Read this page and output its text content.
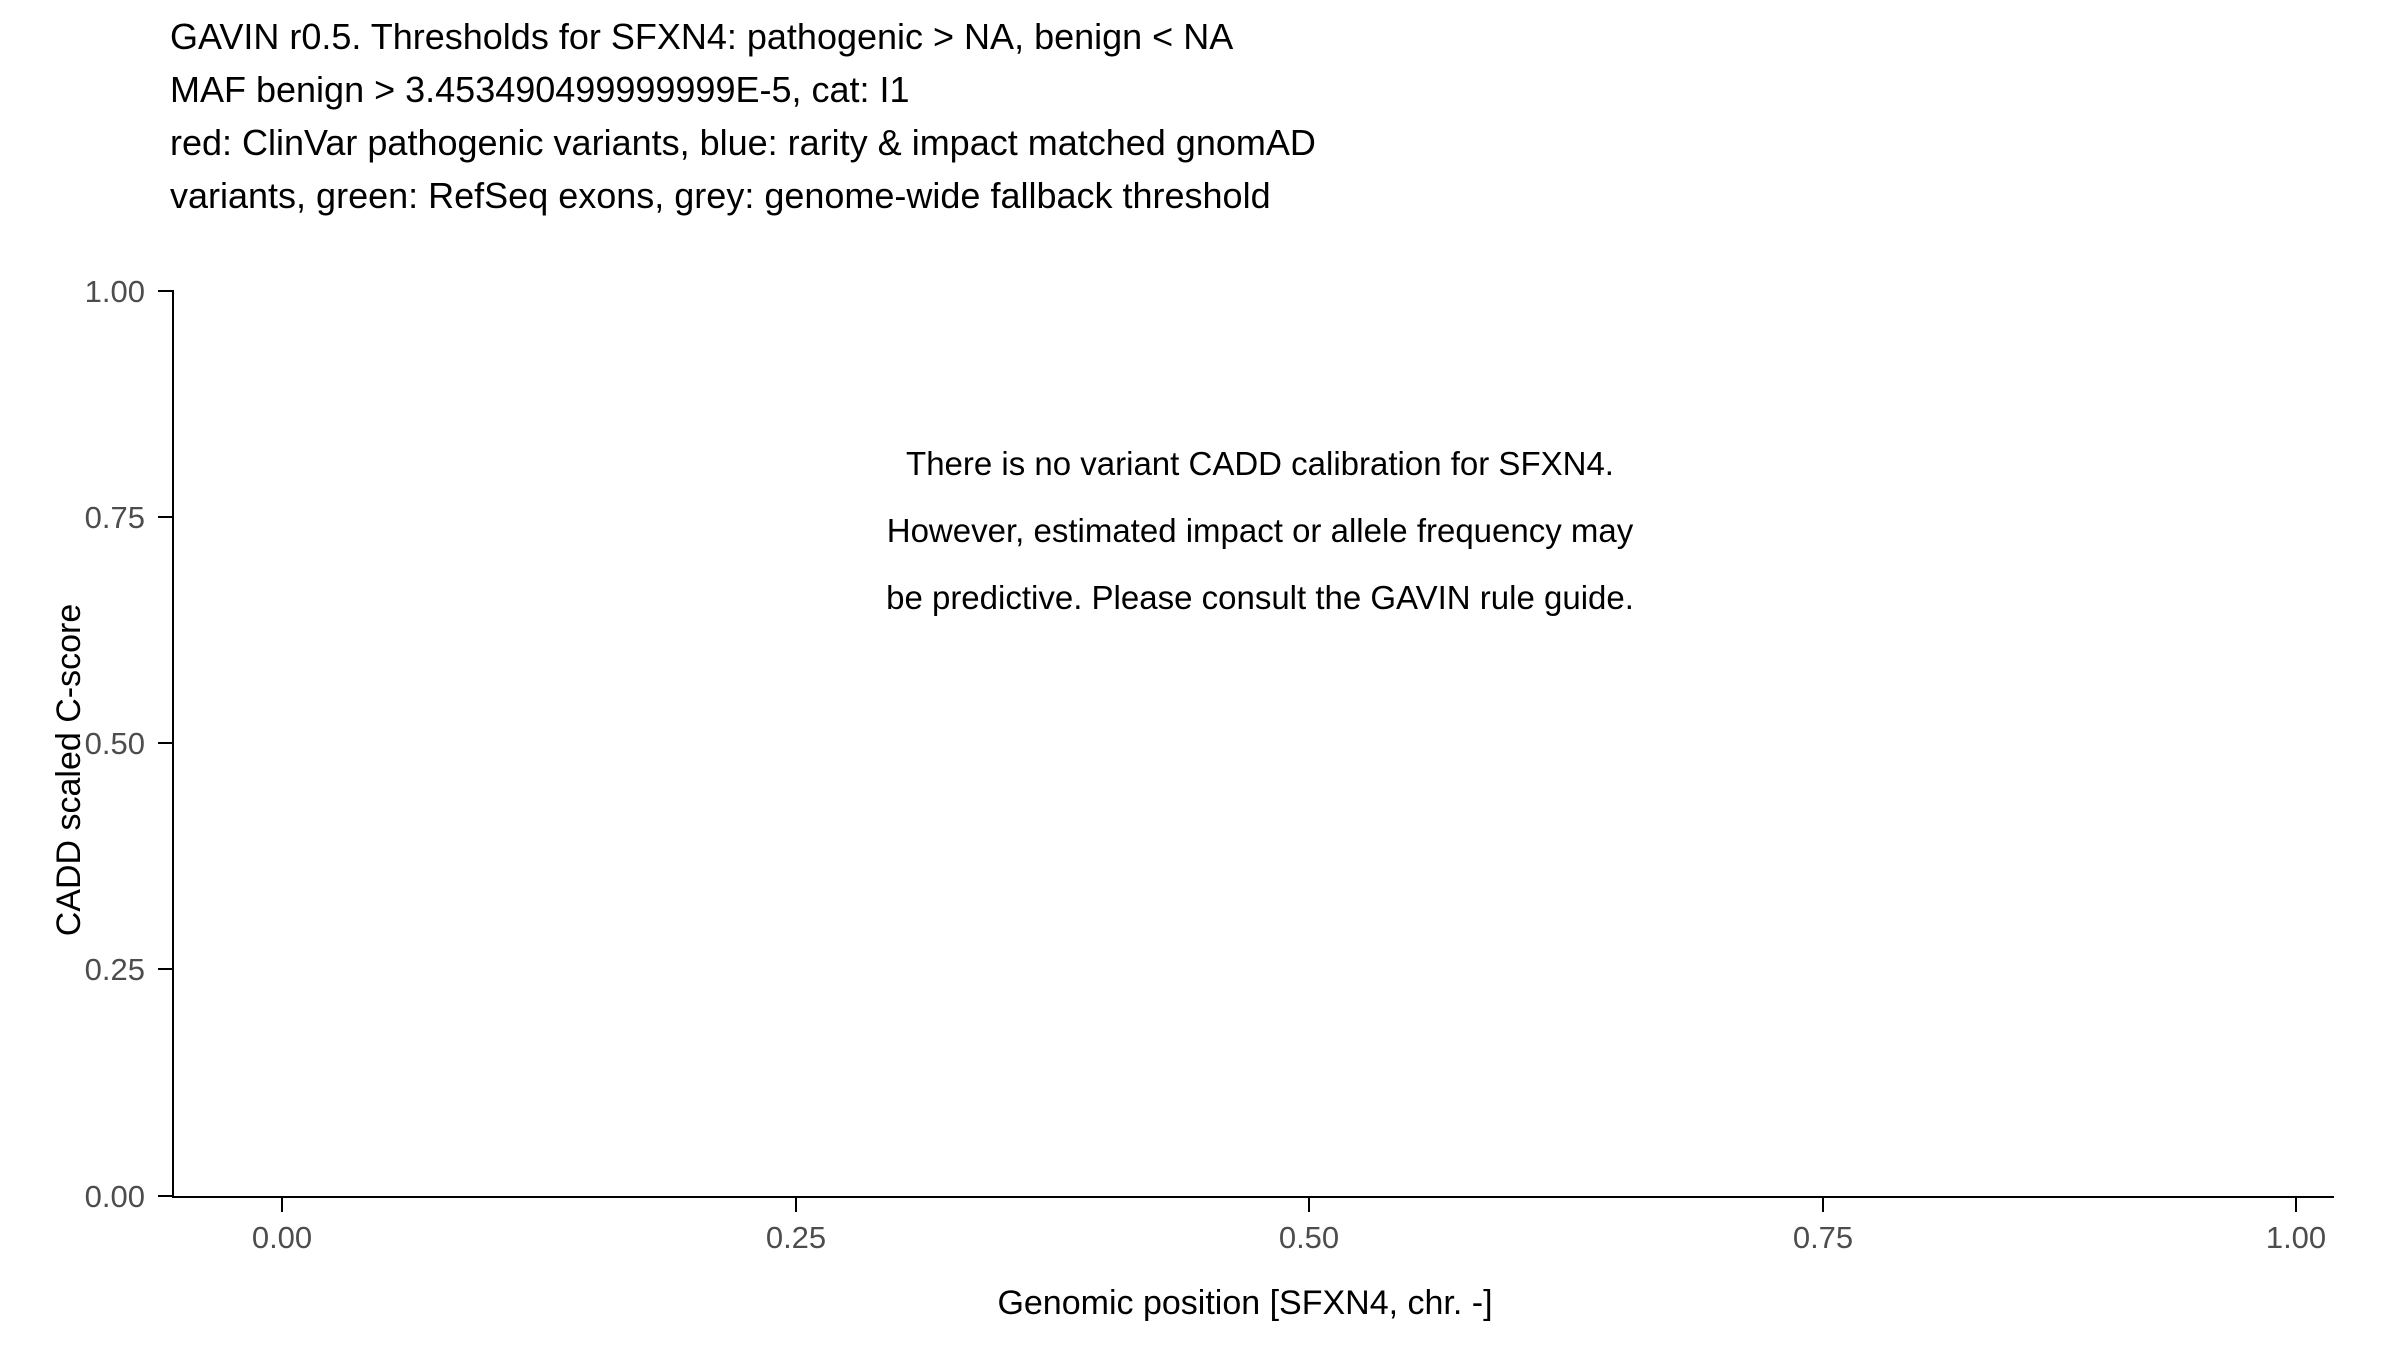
GAVIN r0.5. Thresholds for SFXN4: pathogenic > NA, benign < NA
MAF benign > 3.453490499999999E-5, cat: I1
red: ClinVar pathogenic variants, blue: rarity & impact matched gnomAD
variants, green: RefSeq exons, grey: genome-wide fallback threshold
0.00
0.25
0.50
0.75
1.00
0.00	0.25	0.50	0.75	1.00
CADD scaled C-score
Genomic position [SFXN4, chr. -]
There is no variant CADD calibration for SFXN4.
However, estimated impact or allele frequency may
be predictive. Please consult the GAVIN rule guide.
